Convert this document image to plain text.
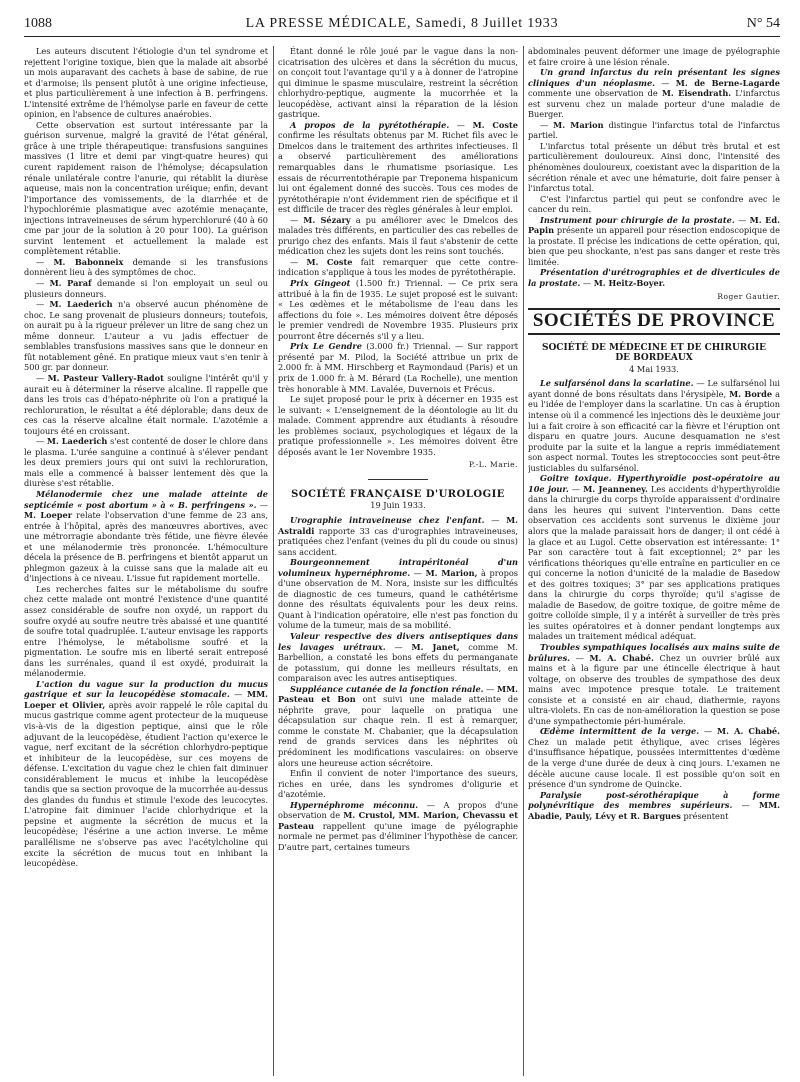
1088	LA PRESSE MÉDICALE, Samedi, 8 Juillet 1933	N° 54

Les auteurs discutent l'étiologie d'un tel syndrome et rejettent l'origine toxique, bien que la malade ait absorbé un mois auparavant des cachets à base de sabine, de rue et d'armoise; ils pensent plutôt à une origine infectieuse, et plus particulièrement à une infection à B. perfringens. L'intensité extrême de l'hémolyse parle en faveur de cette opinion, en l'absence de cultures anaérobies.

Cette observation est surtout intéressante par la guérison survenue, malgré la gravité de l'état général, grâce à une triple thérapeutique: transfusions sanguines massives (1 litre et demi par vingt-quatre heures) qui curent rapidement raison de l'hémolyse; décapsulation rénale unilatérale contre l'anurie, qui rétablit la diurèse aqueuse, mais non la concentration uréique; enfin, devant l'importance des vomissements, de la diarrhée et de l'hypochlorémie plasmatique avec azotémie menaçante, injections intraveineuses de sérum hyperchloruré (40 à 60 cme par jour de la solution à 20 pour 100). La guérison survint lentement et actuellement la malade est complètement rétablie.

— M. Babonneix demande si les transfusions donnèrent lieu à des symptômes de choc.

— M. Paraf demande si l'on employait un seul ou plusieurs donneurs.

— M. Laederich n'a observé aucun phénomène de choc. Le sang provenait de plusieurs donneurs; toutefois, on aurait pu à la rigueur prélever un litre de sang chez un même donneur. L'auteur a vu jadis effectuer de semblables transfusions massives sans que le donneur en fût notablement gêné. En pratique mieux vaut s'en tenir à 500 gr. par donneur.

— M. Pasteur Vallery-Radot souligne l'intérêt qu'il y aurait eu à déterminer la réserve alcaline. Il rappelle que dans les trois cas d'hépato-néphrite où l'on a pratiqué la rechloruration, le résultat a été déplorable; dans deux de ces cas la réserve alcaline était normale. L'azotémie a toujours été en croissant.

— M. Laederich s'est contenté de doser le chlore dans le plasma. L'urée sanguine a continué à s'élever pendant les deux premiers jours qui ont suivi la rechloruration, mais elle a commencé à baisser lentement dès que la diurèse s'est rétablie.

Mélanodermie chez une malade atteinte de septicémie « post abortum » à « B. perfringens ». — M. Loeper relate l'observation d'une femme de 23 ans, entrée à l'hôpital, après des manœuvres abortives, avec une métrorragie abondante très fétide, une fièvre élevée et une mélanodermie très prononcée. L'hémoculture décela la présence de B. perfringens et bientôt apparut un phlegmon gazeux à la cuisse sans que la malade ait eu d'injections à ce niveau. L'issue fut rapidement mortelle.

Les recherches faites sur le métabolisme du soufre chez cette malade ont montré l'existence d'une quantité assez considérable de soufre non oxydé, un rapport du soufre oxydé au soufre neutre très abaissé et une quantité de soufre total quadruplée. L'auteur envisage les rapports entre l'hémolyse, le métabolisme soufré et la pigmentation. Le soufre mis en liberté serait entreposé dans les surrénales, quand il est oxydé, produirait la mélanodermie.

L'action du vague sur la production du mucus gastrique et sur la leucopédèse stomacale. — MM. Loeper et Olivier, après avoir rappelé le rôle capital du mucus gastrique comme agent protecteur de la muqueuse vis-à-vis de la digestion peptique, ainsi que le rôle adjuvant de la leucopédèse, étudient l'action qu'exerce le vague, nerf excitant de la sécrétion chlorhydro-peptique et inhibiteur de la leucopédèse, sur ces moyens de défense. L'excitation du vague chez le chien fait diminuer considérablement le mucus et inhibe la leucopédèse tandis que sa section provoque de la mucorrhée au-dessus des glandes du fundus et stimule l'exode des leucocytes. L'atropine fait diminuer l'acide chlorhydrique et la pepsine et augmente la sécrétion de mucus et la leucopédèse; l'ésérine a une action inverse. Le même parallélisme ne s'observe pas avec l'acétylcholine qui excite la sécrétion de mucus tout en inhibant la leucopédèse.

Étant donné le rôle joué par le vague dans la non-cicatrisation des ulcères et dans la sécrétion du mucus, on conçoit tout l'avantage qu'il y a à donner de l'atropine qui diminue le spasme musculaire, restreint la sécrétion chlorhydro-peptique, augmente la mucorrhée et la leucopédèse, activant ainsi la réparation de la lésion gastrique.

A propos de la pyrétothérapie. — M. Coste confirme les résultats obtenus par M. Richet fils avec le Dmelcos dans le traitement des arthrites infectieuses. Il a observé particulièrement des améliorations remarquables dans le rhumatisme psoriasique. Les essais de récurrentothérapie par Treponema hispanicum lui ont également donné des succès. Tous ces modes de pyrétothérapie n'ont évidemment rien de spécifique et il est difficile de tracer des règles générales à leur emploi.

— M. Sézary a pu améliorer avec le Dmelcos des malades très différents, en particulier des cas rebelles de prurigo chez des enfants. Mais il faut s'abstenir de cette médication chez les sujets dont les reins sont touchés.

— M. Coste fait remarquer que cette contre-indication s'applique à tous les modes de pyrétothérapie.

Prix Gingeot (1.500 fr.) Triennal. — Ce prix sera attribué à la fin de 1935. Le sujet proposé est le suivant: « Les œdèmes et le métabolisme de l'eau dans les affections du foie ». Les mémoires doivent être déposés le premier vendredi de Novembre 1935. Plusieurs prix pourront être décernés s'il y a lieu.

Prix Le Gendre (3.000 fr.) Triennal. — Sur rapport présenté par M. Pilod, la Société attribue un prix de 2.000 fr. à MM. Hirschberg et Raymondaud (Paris) et un prix de 1.000 fr. à M. Bérard (La Rochelle), une mention très honorable à MM. Lavalée, Duvernois et Frécus.

Le sujet proposé pour le prix à décerner en 1935 est le suivant: « L'enseignement de la déontologie au lit du malade. Comment apprendre aux étudiants à résoudre les problèmes sociaux, psychologiques et légaux de la pratique professionnelle ». Les mémoires doivent être déposés avant le 1er Novembre 1935.

P.-L. Marie.

SOCIÉTÉ FRANÇAISE D'UROLOGIE

19 Juin 1933.

Urographie intraveineuse chez l'enfant. — M. Astraldi rapporte 33 cas d'urographies intraveineuses, pratiquées chez l'enfant (veines du pli du coude ou sinus) sans accident.

Bourgeonnement intrapéritonéal d'un volumineux hypernéphrome. — M. Marion, à propos d'une observation de M. Nora, insiste sur les difficultés de diagnostic de ces tumeurs, quand le cathétérisme donne des résultats équivalents pour les deux reins. Quant à l'indication opératoire, elle n'est pas fonction du volume de la tumeur, mais de sa mobilité.

Valeur respective des divers antiseptiques dans les lavages urétraux. — M. Janet, comme M. Barbellion, a constaté les bons effets du permanganate de potassium, qui donne les meilleurs résultats, en comparaison avec les autres antiseptiques.

Suppléance cutanée de la fonction rénale. — MM. Pasteau et Bon ont suivi une malade atteinte de néphrite grave, pour laquelle on pratiqua une décapsulation sur chaque rein. Il est à remarquer, comme le constate M. Chabanier, que la décapsulation rend de grands services dans les néphrites où prédominent les modifications vasculaires: on observe alors une heureuse action sécrétoire.

Enfin il convient de noter l'importance des sueurs, riches en urée, dans les syndromes d'oligurie et d'azotémie.

Hypernéphrome méconnu. — A propos d'une observation de M. Crustol, MM. Marion, Chevassu et Pasteau rappellent qu'une image de pyélographie normale ne permet pas d'éliminer l'hypothèse de cancer. D'autre part, certaines tumeurs

abdominales peuvent déformer une image de pyélographie et faire croire à une lésion rénale.

Un grand infarctus du rein présentant les signes cliniques d'un néoplasme. — M. de Berne-Lagarde commente une observation de M. Eisendrath. L'infarctus est survenu chez un malade porteur d'une maladie de Buerger.

— M. Marion distingue l'infarctus total de l'infarctus partiel.

L'infarctus total présente un début très brutal et est particulièrement douloureux. Ainsi donc, l'intensité des phénomènes douloureux, coexistant avec la disparition de la sécrétion rénale et avec une hématurie, doit faire penser à l'infarctus total.

C'est l'infarctus partiel qui peut se confondre avec le cancer du rein.

Instrument pour chirurgie de la prostate. — M. Ed. Papin présente un appareil pour résection endoscopique de la prostate. Il précise les indications de cette opération, qui, bien que peu shockante, n'est pas sans danger et reste très limitée.

Présentation d'urétrographies et de diverticules de la prostate. — M. Heitz-Boyer.

Roger Gautier.

SOCIÉTÉS DE PROVINCE

SOCIÉTÉ DE MÉDECINE ET DE CHIRURGIE

DE BORDEAUX

4 Mai 1933.

Le sulfarsénol dans la scarlatine. — Le sulfarsénol lui ayant donné de bons résultats dans l'érysipèle, M. Borde a eu l'idée de l'employer dans la scarlatine. Un cas à éruption intense où il a commencé les injections dès le deuxième jour lui a fait croire à son efficacité car la fièvre et l'éruption ont disparu en quatre jours. Aucune desquamation ne s'est produite par la suite et la langue a repris immédiatement son aspect normal. Toutes les streptococcies sont peut-être justiciables du sulfarsénol.

Goitre toxique. Hyperthyroïdie post-opératoire au 10e jour. — M. Jeanneney. Les accidents d'hyperthyroïdie dans la chirurgie du corps thyroïde apparaissent d'ordinaire dans les heures qui suivent l'intervention. Dans cette observation ces accidents sont survenus le dixième jour alors que la malade paraissait hors de danger; il ont cédé à la glace et au Lugol. Cette observation est intéressante: 1° Par son caractère tout à fait exceptionnel; 2° par les vérifications théoriques qu'elle entraîne en particulier en ce qui concerne la notion d'unicité de la maladie de Basedow et des goitres toxiques; 3° par ses applications pratiques dans la chirurgie du corps thyroïde; qu'il s'agisse de maladie de Basedow, de goitre toxique, de goitre même de goitre colloïde simple, il y a intérêt à surveiller de très près les suites opératoires et à donner pendant longtemps aux malades un traitement médical adéquat.

Troubles sympathiques localisés aux mains suite de brûlures. — M. A. Chabé. Chez un ouvrier brûlé aux mains et à la figure par une étincelle électrique à haut voltage, on observe des troubles de sympathose des deux mains avec impotence presque totale. Le traitement consiste et a consisté en air chaud, diathermie, rayons ultra-violets. En cas de non-amélioration la question se pose d'une sympathectomie péri-humérale.

Œdème intermittent de la verge. — M. A. Chabé. Chez un malade petit éthylique, avec crises légères d'insuffisance hépatique, poussées intermittentes d'œdème de la verge d'une durée de deux à cinq jours. L'examen ne décèle aucune cause locale. Il est possible qu'on soit en présence d'un syndrome de Quincke.

Paralysie post-sérothérapique à forme polynévritique des membres supérieurs. — MM. Abadie, Pauly, Lévy et R. Bargues présentent
